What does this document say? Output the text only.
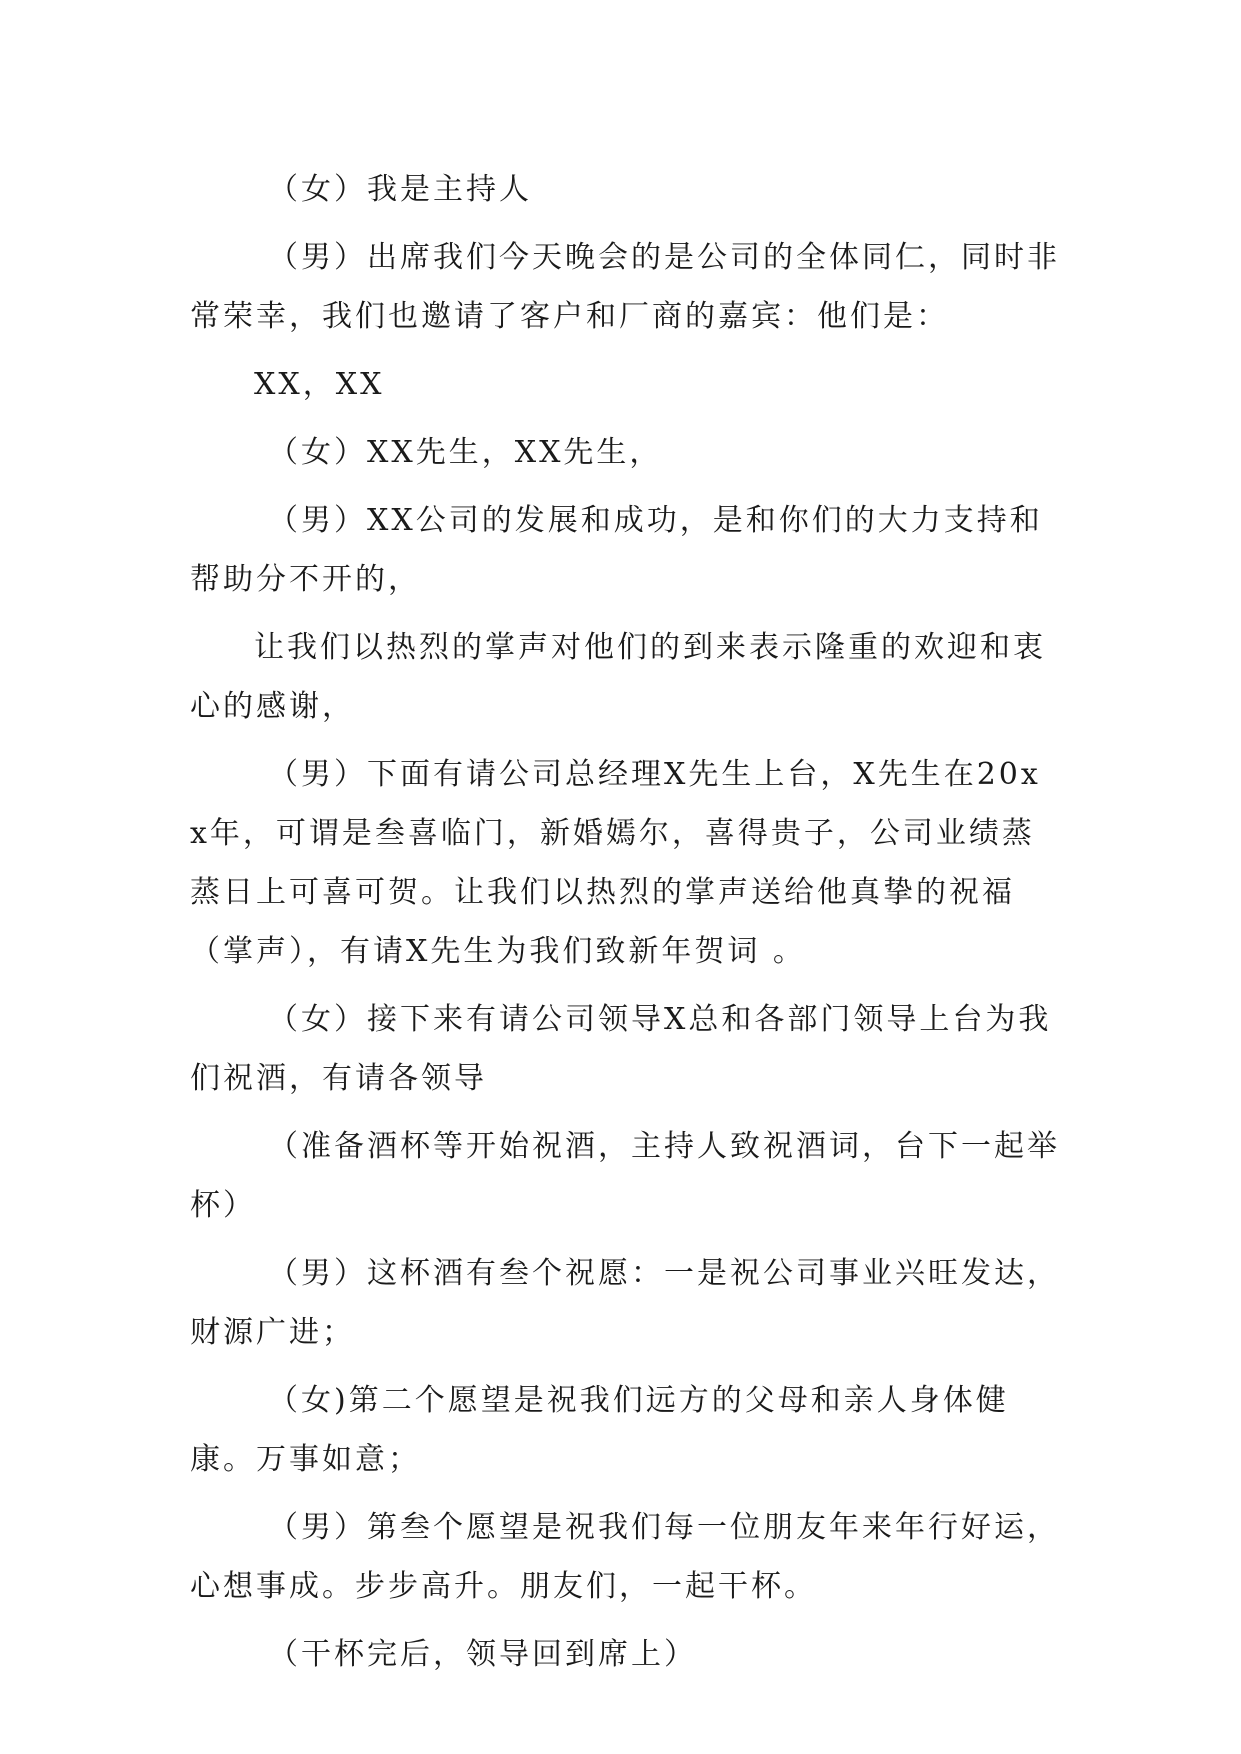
（女）我是主持人

（男）出席我们今天晚会的是公司的全体同仁，同时非常荣幸，我们也邀请了客户和厂商的嘉宾：他们是：

XX，XX

（女）XX先生，XX先生，

（男）XX公司的发展和成功，是和你们的大力支持和帮助分不开的，

让我们以热烈的掌声对他们的到来表示隆重的欢迎和衷心的感谢，

（男）下面有请公司总经理X先生上台，X先生在20xx年，可谓是叁喜临门，新婚嫣尔，喜得贵子，公司业绩蒸蒸日上可喜可贺。让我们以热烈的掌声送给他真挚的祝福（掌声），有请X先生为我们致新年贺词 。

（女）接下来有请公司领导X总和各部门领导上台为我们祝酒，有请各领导

（准备酒杯等开始祝酒，主持人致祝酒词，台下一起举杯）

（男）这杯酒有叁个祝愿：一是祝公司事业兴旺发达，财源广进；

（女)第二个愿望是祝我们远方的父母和亲人身体健康。万事如意；

（男）第叁个愿望是祝我们每一位朋友年来年行好运，心想事成。步步高升。朋友们，一起干杯。

（干杯完后，领导回到席上）
